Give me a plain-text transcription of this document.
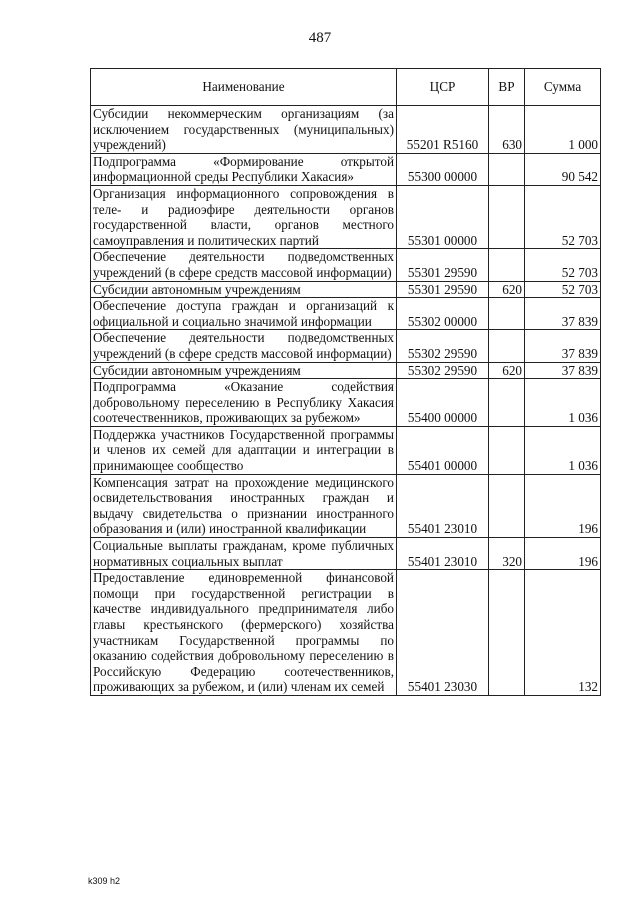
487
Наименование	ЦСР	ВР	Сумма
Субсидии некоммерческим организациям (за исключением государственных (муниципальных) учреждений)	55201 R5160	630	1 000
Подпрограмма «Формирование открытой информационной среды Республики Хакасия»	55300 00000		90 542
Организация информационного сопровождения в теле- и радиоэфире деятельности органов государственной власти, органов местного самоуправления и политических партий	55301 00000		52 703
Обеспечение деятельности подведомственных учреждений (в сфере средств массовой информации)	55301 29590		52 703
Субсидии автономным учреждениям	55301 29590	620	52 703
Обеспечение доступа граждан и организаций к официальной и социально значимой информации	55302 00000		37 839
Обеспечение деятельности подведомственных учреждений (в сфере средств массовой информации)	55302 29590		37 839
Субсидии автономным учреждениям	55302 29590	620	37 839
Подпрограмма «Оказание содействия добровольному переселению в Республику Хакасия соотечественников, проживающих за рубежом»	55400 00000		1 036
Поддержка участников Государственной программы и членов их семей для адаптации и интеграции в принимающее сообщество	55401 00000		1 036
Компенсация затрат на прохождение медицинского освидетельствования иностранных граждан и выдачу свидетельства о признании иностранного образования и (или) иностранной квалификации	55401 23010		196
Социальные выплаты гражданам, кроме публичных нормативных социальных выплат	55401 23010	320	196
Предоставление единовременной финансовой помощи при государственной регистрации в качестве индивидуального предпринимателя либо главы крестьянского (фермерского) хозяйства участникам Государственной программы по оказанию содействия добровольному переселению в Российскую Федерацию соотечественников, проживающих за рубежом, и (или) членам их семей	55401 23030		132
k309 h2
